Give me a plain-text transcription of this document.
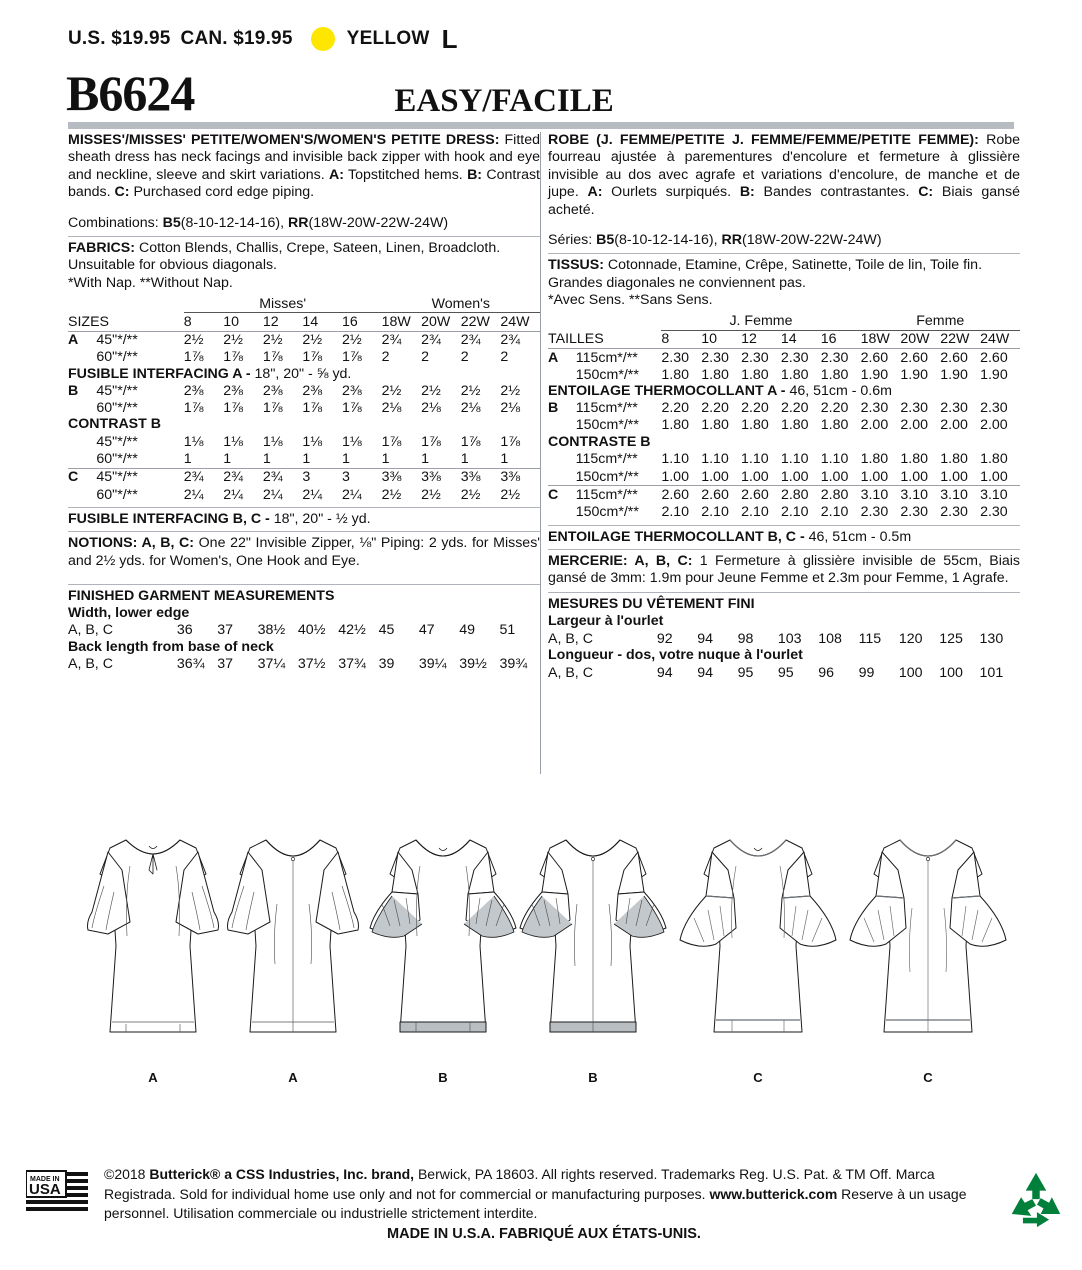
U.S. $19.95 CAN. $19.95	YELLOW L
B6624	EASY/FACILE

MISSES'/MISSES' PETITE/WOMEN'S/WOMEN'S PETITE DRESS: Fitted sheath dress has neck facings and invisible back zipper with hook and eye and neckline, sleeve and skirt variations. A: Topstitched hems. B: Contrast bands. C: Purchased cord edge piping.

Combinations: B5(8-10-12-14-16), RR(18W-20W-22W-24W)

FABRICS: Cotton Blends, Challis, Crepe, Sateen, Linen, Broadcloth.

Unsuitable for obvious diagonals.
*With Nap. **Without Nap.
		Misses'					Women's			
SIZES		8	10	12	14	16	18W	20W	22W	24W
A	45"*/**	2½	2½	2½	2½	2½	2¾	2¾	2¾	2¾
	60"*/**	1⅞	1⅞	1⅞	1⅞	1⅞	2	2	2	2
FUSIBLE INTERFACING A - 18", 20" - ⅝ yd.
B	45"*/**	2⅜	2⅜	2⅜	2⅜	2⅜	2½	2½	2½	2½
	60"*/**	1⅞	1⅞	1⅞	1⅞	1⅞	2⅛	2⅛	2⅛	2⅛
CONTRAST B
	45"*/**	1⅛	1⅛	1⅛	1⅛	1⅛	1⅞	1⅞	1⅞	1⅞
	60"*/**	1	1	1	1	1	1	1	1	1
C	45"*/**	2¾	2¾	2¾	3	3	3⅜	3⅜	3⅜	3⅜
	60"*/**	2¼	2¼	2¼	2¼	2¼	2½	2½	2½	2½
FUSIBLE INTERFACING B, C - 18", 20" - ½ yd.

NOTIONS: A, B, C: One 22" Invisible Zipper, ⅛" Piping: 2 yds. for Misses' and 2½ yds. for Women's, One Hook and Eye.

FINISHED GARMENT MEASUREMENTS
Width, lower edge
A, B, C	36	37	38½	40½	42½	45	47	49	51
Back length from base of neck
A, B, C	36¾	37	37¼	37½	37¾	39	39¼	39½	39¾

ROBE (J. FEMME/PETITE J. FEMME/FEMME/PETITE FEMME): Robe fourreau ajustée à parementures d'encolure et fermeture à glissière invisible au dos avec agrafe et variations d'encolure, de manche et de jupe. A: Ourlets surpiqués. B: Bandes contrastantes. C: Biais gansé acheté.

Séries: B5(8-10-12-14-16), RR(18W-20W-22W-24W)

TISSUS: Cotonnade, Etamine, Crêpe, Satinette, Toile de lin, Toile fin.

Grandes diagonales ne conviennent pas.
*Avec Sens. **Sans Sens.
		J. Femme					Femme			
TAILLES		8	10	12	14	16	18W	20W	22W	24W
A	115cm*/**	2.30	2.30	2.30	2.30	2.30	2.60	2.60	2.60	2.60
	150cm*/**	1.80	1.80	1.80	1.80	1.80	1.90	1.90	1.90	1.90
ENTOILAGE THERMOCOLLANT A - 46, 51cm - 0.6m
B	115cm*/**	2.20	2.20	2.20	2.20	2.20	2.30	2.30	2.30	2.30
	150cm*/**	1.80	1.80	1.80	1.80	1.80	2.00	2.00	2.00	2.00
CONTRASTE B
	115cm*/**	1.10	1.10	1.10	1.10	1.10	1.80	1.80	1.80	1.80
	150cm*/**	1.00	1.00	1.00	1.00	1.00	1.00	1.00	1.00	1.00
C	115cm*/**	2.60	2.60	2.60	2.80	2.80	3.10	3.10	3.10	3.10
	150cm*/**	2.10	2.10	2.10	2.10	2.10	2.30	2.30	2.30	2.30
ENTOILAGE THERMOCOLLANT B, C - 46, 51cm - 0.5m

MERCERIE: A, B, C: 1 Fermeture à glissière invisible de 55cm, Biais gansé de 3mm: 1.9m pour Jeune Femme et 2.3m pour Femme, 1 Agrafe.

MESURES DU VÊTEMENT FINI
Largeur à l'ourlet
A, B, C	92	94	98	103	108	115	120	125	130
Longueur - dos, votre nuque à l'ourlet
A, B, C	94	94	95	95	96	99	100	100	101
A	A	B	B	C	C
MADE IN
USA
©2018 Butterick® a CSS Industries, Inc. brand, Berwick, PA 18603. All rights reserved. Trademarks Reg. U.S. Pat. & TM Off. Marca Registrada. Sold for individual home use only and not for commercial or manufacturing purposes. www.butterick.com Reserve à un usage personnel. Utilisation commerciale ou industrielle strictement interdite.
MADE IN U.S.A. FABRIQUÉ AUX ÉTATS-UNIS.
